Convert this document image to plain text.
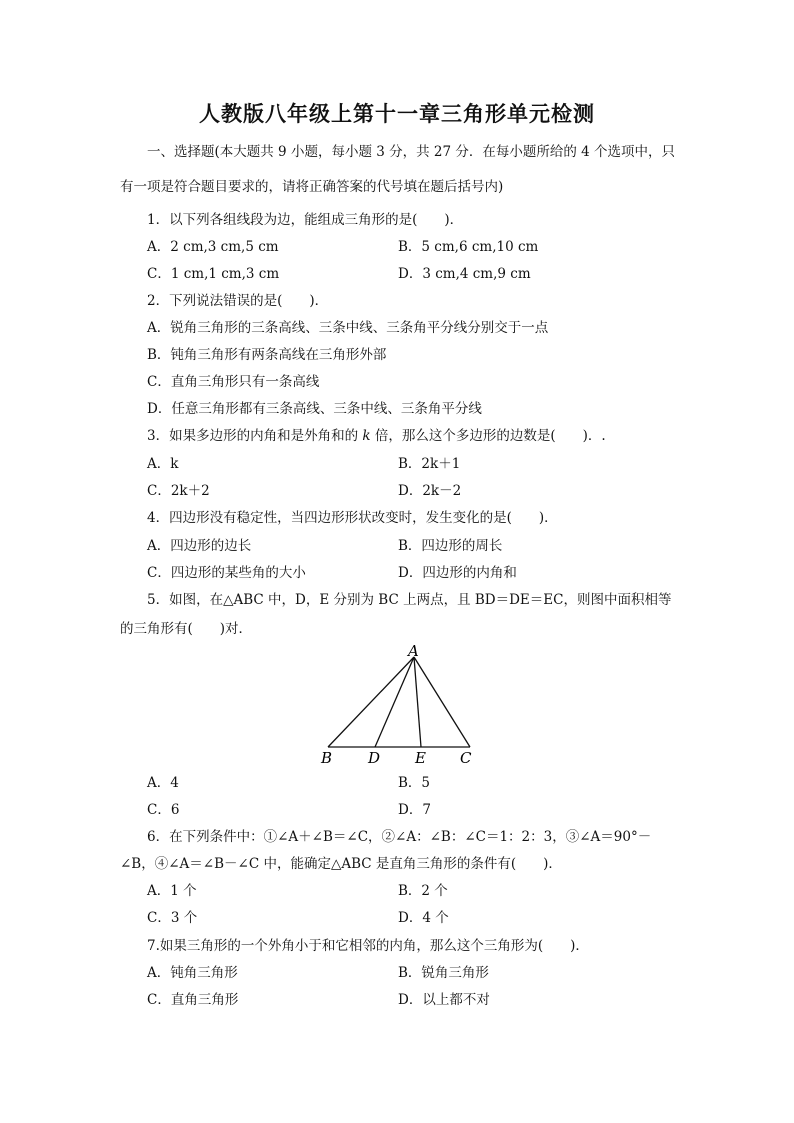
人教版八年级上第十一章三角形单元检测
一、选择题(本大题共 9 小题，每小题 3 分，共 27 分．在每小题所给的 4 个选项中，只
有一项是符合题目要求的，请将正确答案的代号填在题后括号内)
1．以下列各组线段为边，能组成三角形的是(　　)．
A．2 cm,3 cm,5 cm	B．5 cm,6 cm,10 cm
C．1 cm,1 cm,3 cm	D．3 cm,4 cm,9 cm
2．下列说法错误的是(　　)．
A．锐角三角形的三条高线、三条中线、三条角平分线分别交于一点
B．钝角三角形有两条高线在三角形外部
C．直角三角形只有一条高线
D．任意三角形都有三条高线、三条中线、三条角平分线
3．如果多边形的内角和是外角和的 k 倍，那么这个多边形的边数是(　　)．.
A．k	B．2k＋1
C．2k＋2	D．2k－2
4．四边形没有稳定性，当四边形形状改变时，发生变化的是(　　)．
A．四边形的边长	B．四边形的周长
C．四边形的某些角的大小	D．四边形的内角和
5．如图，在△ABC 中，D，E 分别为 BC 上两点，且 BD＝DE＝EC，则图中面积相等
的三角形有(　　)对．
A
B D E C
A．4	B．5
C．6	D．7
6．在下列条件中：①∠A＋∠B＝∠C，②∠A：∠B：∠C＝1：2：3，③∠A＝90°－
∠B，④∠A＝∠B－∠C 中，能确定△ABC 是直角三角形的条件有(　　)．
A．1 个	B．2 个
C．3 个	D．4 个
7.如果三角形的一个外角小于和它相邻的内角，那么这个三角形为(　　)．
A．钝角三角形	B．锐角三角形
C．直角三角形	D．以上都不对
